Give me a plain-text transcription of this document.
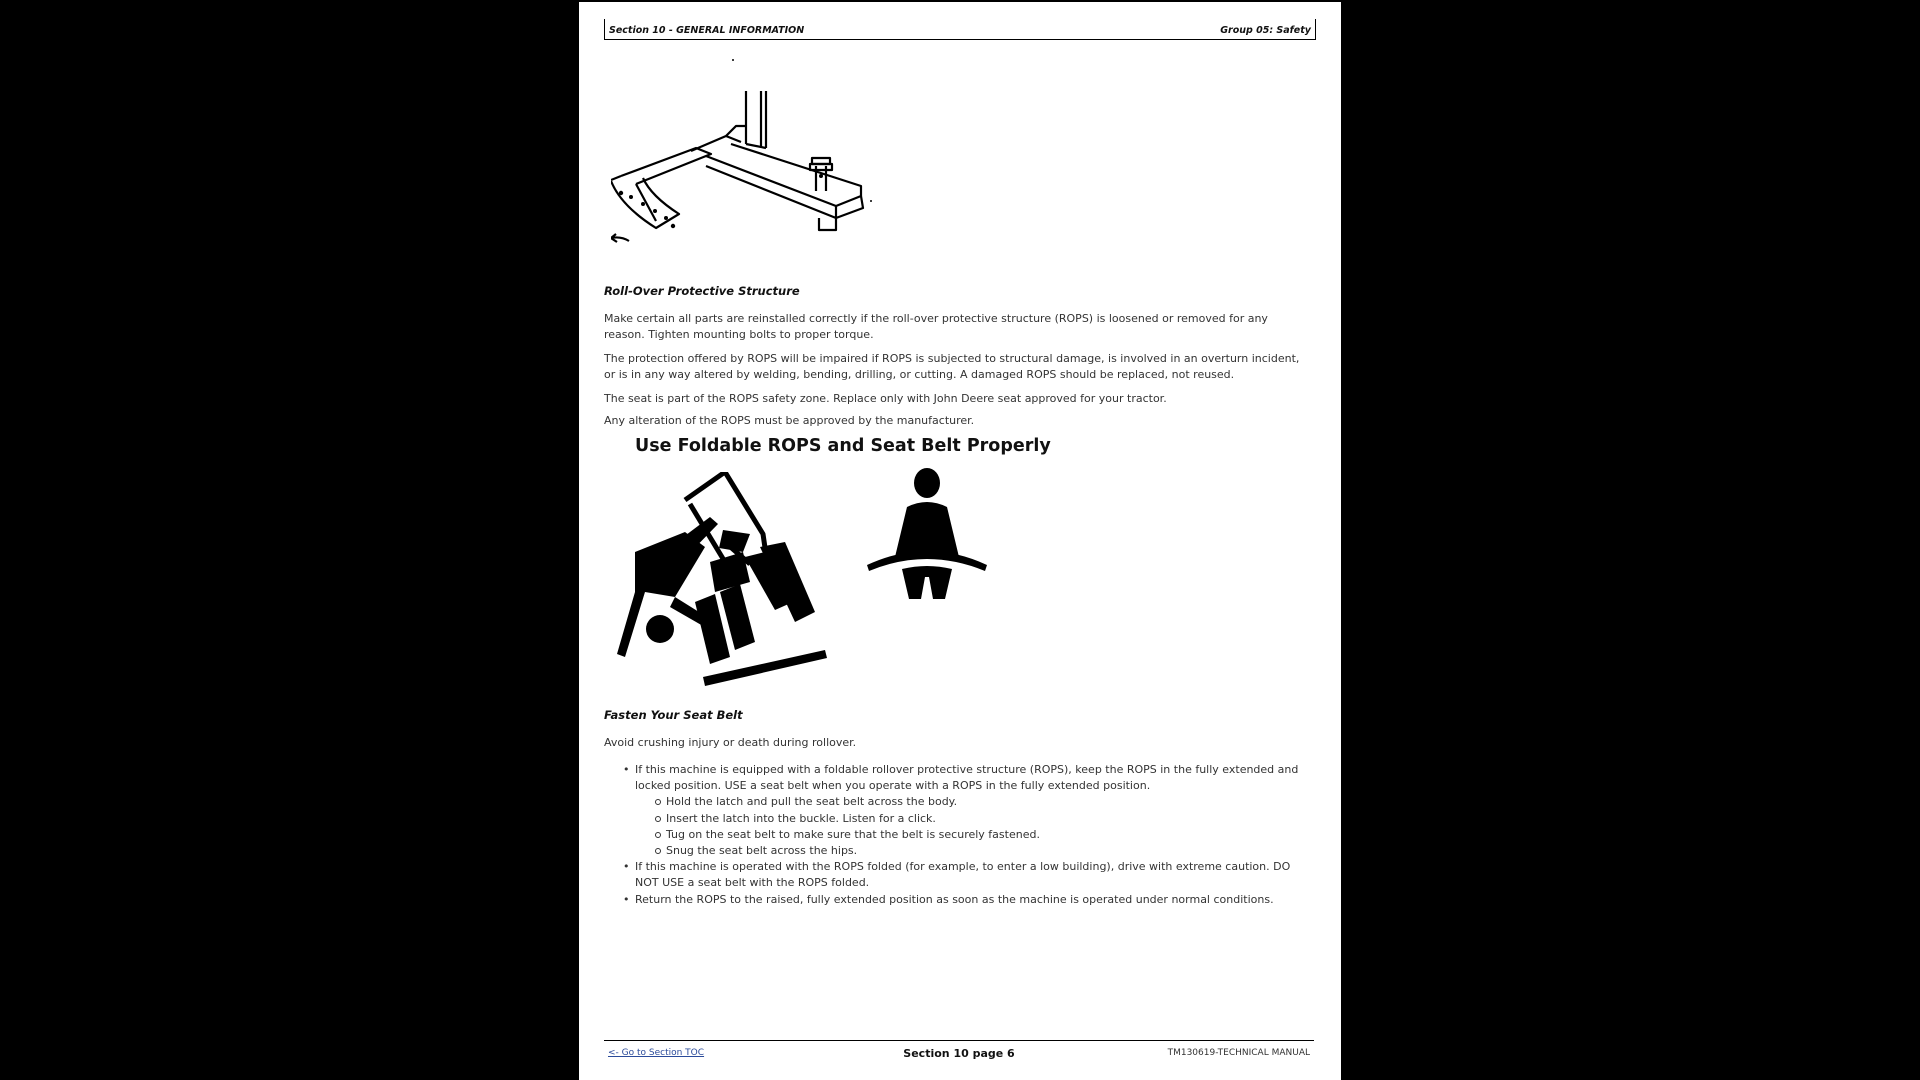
Section 10 - GENERAL INFORMATION	Group 05: Safety
Roll-Over Protective Structure
Make certain all parts are reinstalled correctly if the roll-over protective structure (ROPS) is loosened or removed for any reason. Tighten mounting bolts to proper torque.
The protection offered by ROPS will be impaired if ROPS is subjected to structural damage, is involved in an overturn incident, or is in any way altered by welding, bending, drilling, or cutting. A damaged ROPS should be replaced, not reused.
The seat is part of the ROPS safety zone. Replace only with John Deere seat approved for your tractor.
Any alteration of the ROPS must be approved by the manufacturer.
Use Foldable ROPS and Seat Belt Properly
Fasten Your Seat Belt
Avoid crushing injury or death during rollover.
• If this machine is equipped with a foldable rollover protective structure (ROPS), keep the ROPS in the fully extended and locked position. USE a seat belt when you operate with a ROPS in the fully extended position.
Hold the latch and pull the seat belt across the body.
Insert the latch into the buckle. Listen for a click.
Tug on the seat belt to make sure that the belt is securely fastened.
Snug the seat belt across the hips.
• If this machine is operated with the ROPS folded (for example, to enter a low building), drive with extreme caution. DO NOT USE a seat belt with the ROPS folded.
• Return the ROPS to the raised, fully extended position as soon as the machine is operated under normal conditions.
<- Go to Section TOC	Section 10 page 6	TM130619-TECHNICAL MANUAL
